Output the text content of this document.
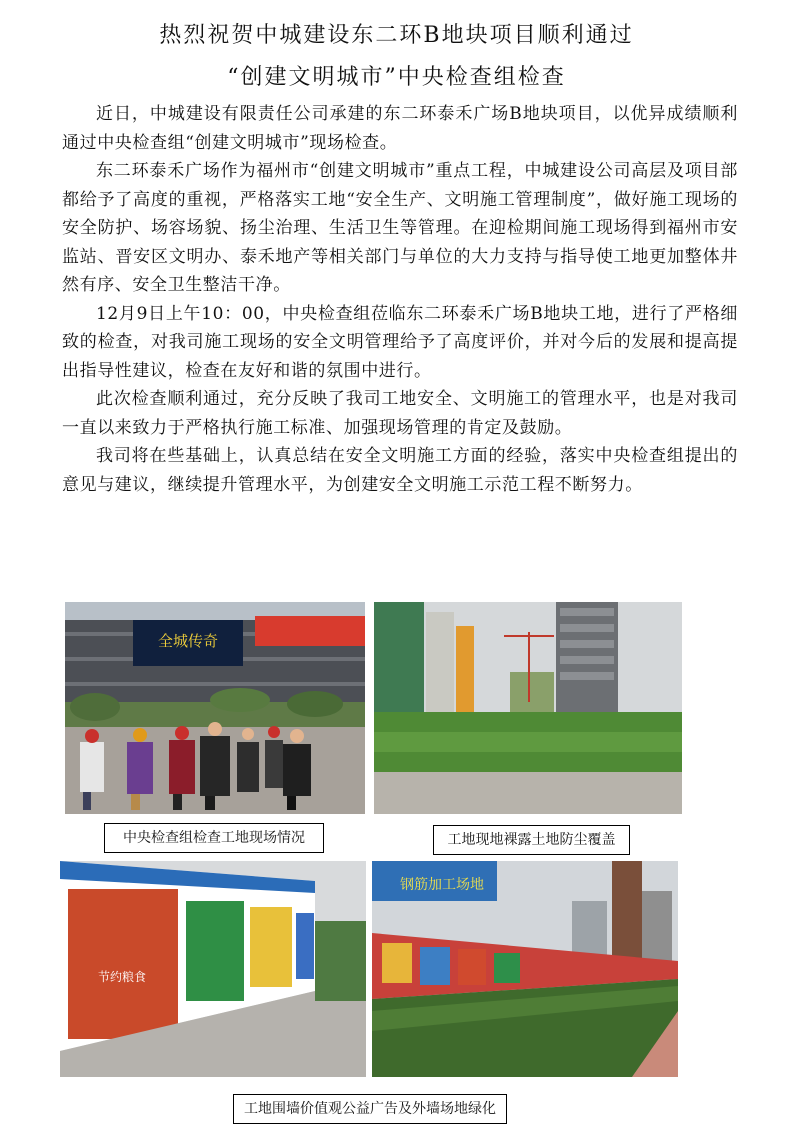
热烈祝贺中城建设东二环B地块项目顺利通过
“创建文明城市”中央检查组检查

近日，中城建设有限责任公司承建的东二环泰禾广场B地块项目，以优异成绩顺利通过中央检查组“创建文明城市”现场检查。

东二环泰禾广场作为福州市“创建文明城市”重点工程，中城建设公司高层及项目部都给予了高度的重视，严格落实工地“安全生产、文明施工管理制度”，做好施工现场的安全防护、场容场貌、扬尘治理、生活卫生等管理。在迎检期间施工现场得到福州市安监站、晋安区文明办、泰禾地产等相关部门与单位的大力支持与指导使工地更加整体井然有序、安全卫生整洁干净。

12月9日上午10：00，中央检查组莅临东二环泰禾广场B地块工地，进行了严格细致的检查，对我司施工现场的安全文明管理给予了高度评价，并对今后的发展和提高提出指导性建议，检查在友好和谐的氛围中进行。

此次检查顺利通过，充分反映了我司工地安全、文明施工的管理水平，也是对我司一直以来致力于严格执行施工标准、加强现场管理的肯定及鼓励。

我司将在些基础上，认真总结在安全文明施工方面的经验，落实中央检查组提出的意见与建议，继续提升管理水平，为创建安全文明施工示范工程不断努力。

全城传奇
节约粮食
钢筋加工场地
中央检查组检查工地现场情况	工地现地裸露土地防尘覆盖
工地围墙价值观公益广告及外墙场地绿化
